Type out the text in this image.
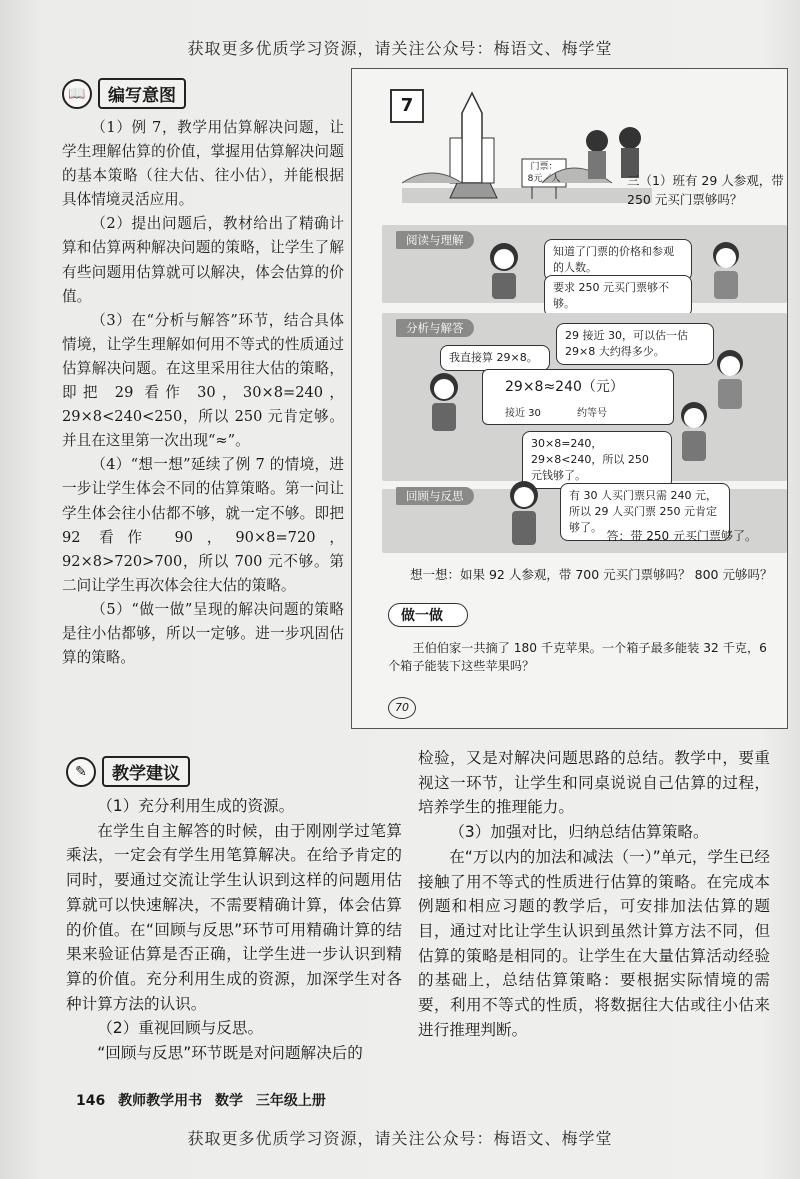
获取更多优质学习资源，请关注公众号：梅语文、梅学堂
📖	编写意图

（1）例 7，教学用估算解决问题，让学生理解估算的价值，掌握用估算解决问题的基本策略（往大估、往小估），并能根据具体情境灵活应用。

（2）提出问题后，教材给出了精确计算和估算两种解决问题的策略，让学生了解有些问题用估算就可以解决，体会估算的价值。

（3）在“分析与解答”环节，结合具体情境，让学生理解如何用不等式的性质通过估算解决问题。在这里采用往大估的策略，即把 29 看作 30，30×8=240，29×8<240<250，所以 250 元肯定够。并且在这里第一次出现“≈”。

（4）“想一想”延续了例 7 的情境，进一步让学生体会不同的估算策略。第一问让学生体会往小估都不够，就一定不够。即把 92 看作 90，90×8=720，92×8>720>700，所以 700 元不够。第二问让学生再次体会往大估的策略。

（5）“做一做”呈现的解决问题的策略是往小估都够，所以一定够。进一步巩固估算的策略。

7
门票：
8元／人	三（1）班有 29 人参观，带 250 元买门票够吗？
阅读与理解
知道了门票的价格和参观的人数。
要求 250 元买门票够不够。
分析与解答
29 接近 30，可以估一估 29×8 大约得多少。
我直接算 29×8。
29×8≈240（元）
接近 30	约等号
30×8=240，29×8<240，所以 250 元钱够了。
回顾与反思	有 30 人买门票只需 240 元，所以 29 人买门票 250 元肯定够了。
答：带 250 元买门票够了。
想一想：如果 92 人参观，带 700 元买门票够吗？ 800 元够吗？
做一做
王伯伯家一共摘了 180 千克苹果。一个箱子最多能装 32 千克，6 个箱子能装下这些苹果吗？
70
✎	教学建议

（1）充分利用生成的资源。

在学生自主解答的时候，由于刚刚学过笔算乘法，一定会有学生用笔算解决。在给予肯定的同时，要通过交流让学生认识到这样的问题用估算就可以快速解决，不需要精确计算，体会估算的价值。在“回顾与反思”环节可用精确计算的结果来验证估算是否正确，让学生进一步认识到精算的价值。充分利用生成的资源，加深学生对各种计算方法的认识。

（2）重视回顾与反思。

“回顾与反思”环节既是对问题解决后的

检验，又是对解决问题思路的总结。教学中，要重视这一环节，让学生和同桌说说自己估算的过程，培养学生的推理能力。

（3）加强对比，归纳总结估算策略。

在“万以内的加法和减法（一）”单元，学生已经接触了用不等式的性质进行估算的策略。在完成本例题和相应习题的教学后，可安排加法估算的题目，通过对比让学生认识到虽然计算方法不同，但估算的策略是相同的。让学生在大量估算活动经验的基础上，总结估算策略：要根据实际情境的需要，利用不等式的性质，将数据往大估或往小估来进行推理判断。

146 教师教学用书 数学 三年级上册
获取更多优质学习资源，请关注公众号：梅语文、梅学堂
